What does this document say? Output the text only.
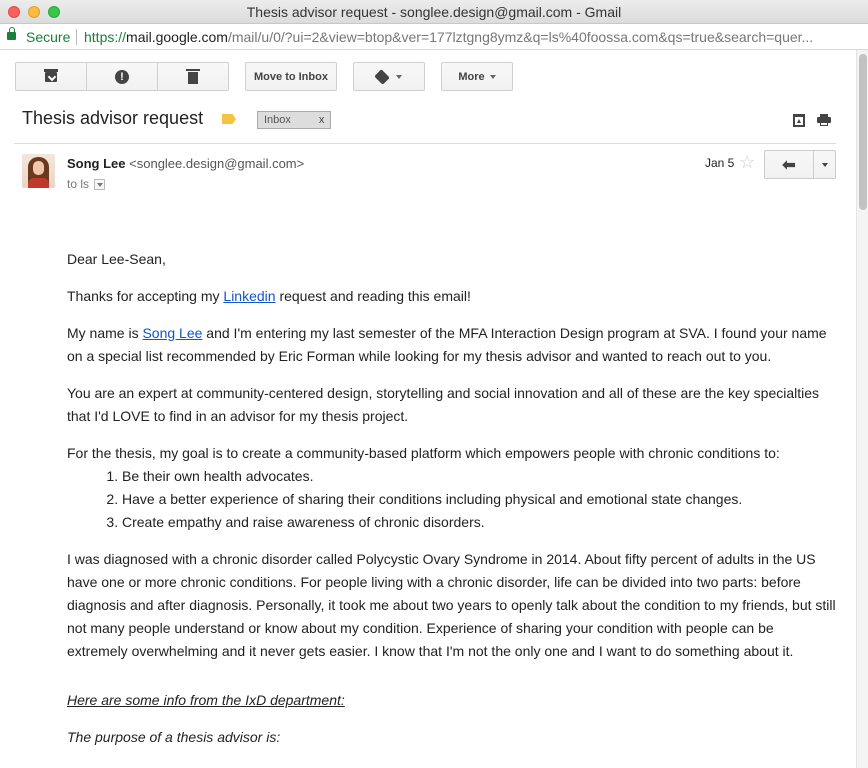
Thesis advisor request - songlee.design@gmail.com - Gmail
Secure https://mail.google.com/mail/u/0/?ui=2&view=btop&ver=177lztgng8ymz&q=ls%40foossa.com&qs=true&search=quer...
!	Move to Inbox	More
Thesis advisor request	Inbox	x
Song Lee <songlee.design@gmail.com>
to ls
Jan 5 ☆ ⬅

Dear Lee-Sean,

Thanks for accepting my Linkedin request and reading this email!

My name is Song Lee and I'm entering my last semester of the MFA Interaction Design program at SVA. I found your name on a special list recommended by Eric Forman while looking for my thesis advisor and wanted to reach out to you.

You are an expert at community-centered design, storytelling and social innovation and all of these are the key specialties that I'd LOVE to find in an advisor for my thesis project.

For the thesis, my goal is to create a community-based platform which empowers people with chronic conditions to:

1. Be their own health advocates.
2. Have a better experience of sharing their conditions including physical and emotional state changes.
3. Create empathy and raise awareness of chronic disorders.

I was diagnosed with a chronic disorder called Polycystic Ovary Syndrome in 2014. About fifty percent of adults in the US have one or more chronic conditions. For people living with a chronic disorder, life can be divided into two parts: before diagnosis and after diagnosis. Personally, it took me about two years to openly talk about the condition to my friends, but still not many people understand or know about my condition. Experience of sharing your condition with people can be extremely overwhelming and it never gets easier. I know that I'm not the only one and I want to do something about it.

Here are some info from the IxD department:

The purpose of a thesis advisor is:
